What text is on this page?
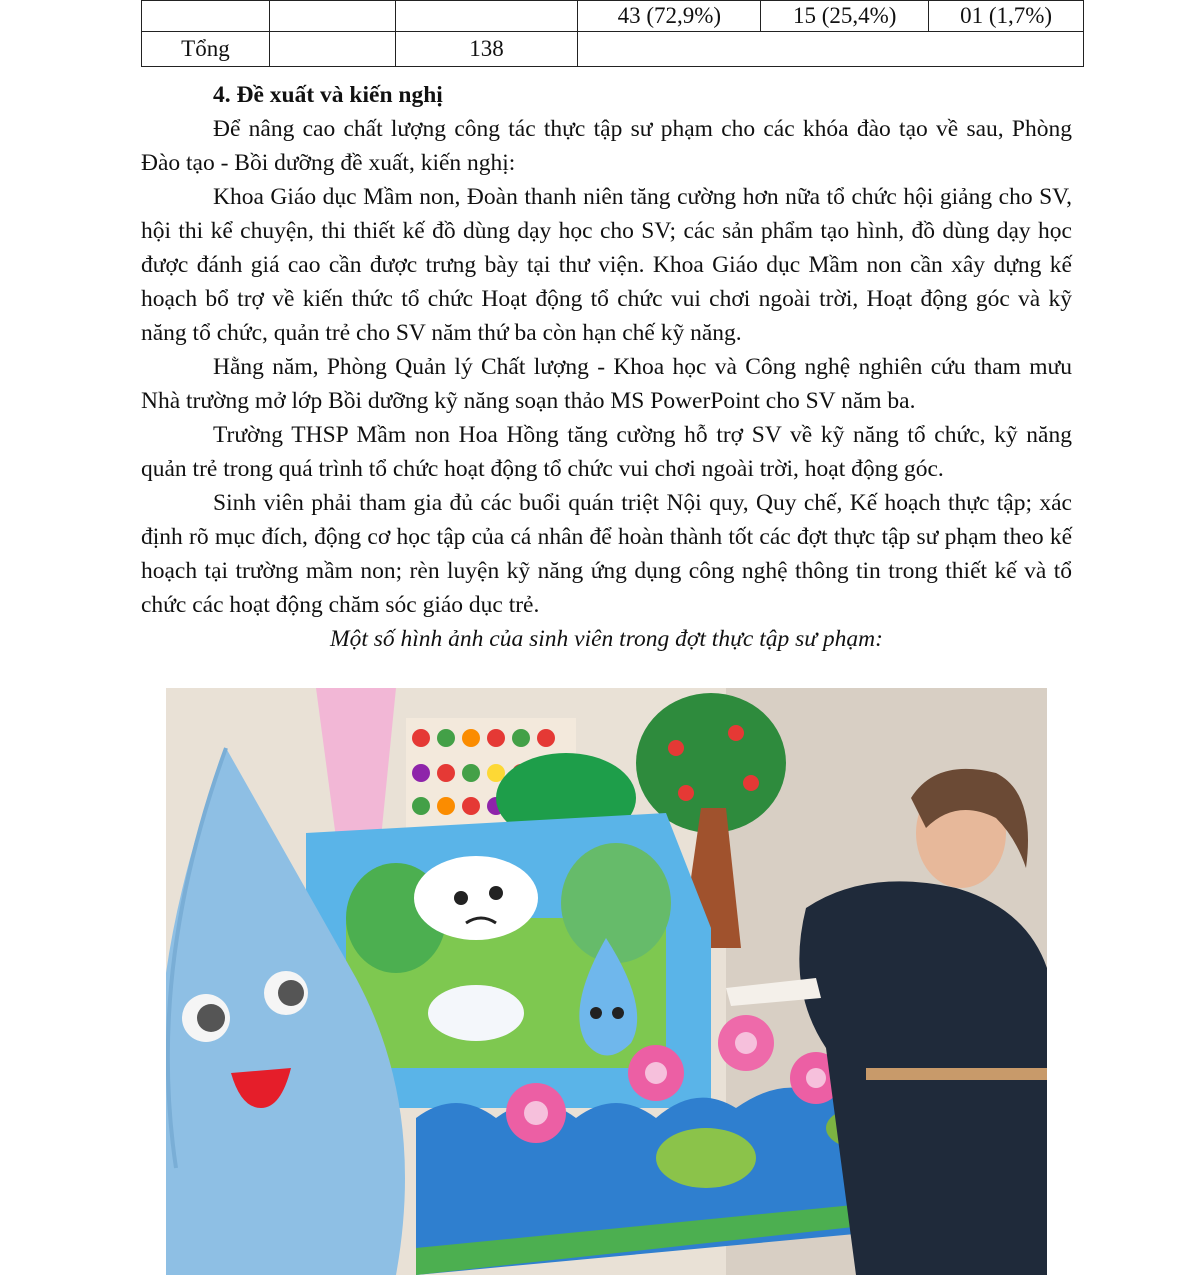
			43 (72,9%)	15 (25,4%)	01 (1,7%)
Tổng		138			
4. Đề xuất và kiến nghị

Để nâng cao chất lượng công tác thực tập sư phạm cho các khóa đào tạo về sau, Phòng Đào tạo - Bồi dưỡng đề xuất, kiến nghị:

Khoa Giáo dục Mầm non, Đoàn thanh niên tăng cường hơn nữa tổ chức hội giảng cho SV, hội thi kể chuyện, thi thiết kế đồ dùng dạy học cho SV; các sản phẩm tạo hình, đồ dùng dạy học được đánh giá cao cần được trưng bày tại thư viện. Khoa Giáo dục Mầm non cần xây dựng kế hoạch bổ trợ về kiến thức tổ chức Hoạt động tổ chức vui chơi ngoài trời, Hoạt động góc và kỹ năng tổ chức, quản trẻ cho SV năm thứ ba còn hạn chế kỹ năng.

Hằng năm, Phòng Quản lý Chất lượng - Khoa học và Công nghệ nghiên cứu tham mưu Nhà trường mở lớp Bồi dưỡng kỹ năng soạn thảo MS PowerPoint cho SV năm ba.

Trường THSP Mầm non Hoa Hồng tăng cường hỗ trợ SV về kỹ năng tổ chức, kỹ năng quản trẻ trong quá trình tổ chức hoạt động tổ chức vui chơi ngoài trời, hoạt động góc.

Sinh viên phải tham gia đủ các buổi quán triệt Nội quy, Quy chế, Kế hoạch thực tập; xác định rõ mục đích, động cơ học tập của cá nhân để hoàn thành tốt các đợt thực tập sư phạm theo kế hoạch tại trường mầm non; rèn luyện kỹ năng ứng dụng công nghệ thông tin trong thiết kế và tổ chức các hoạt động chăm sóc giáo dục trẻ.

Một số hình ảnh của sinh viên trong đợt thực tập sư phạm:
